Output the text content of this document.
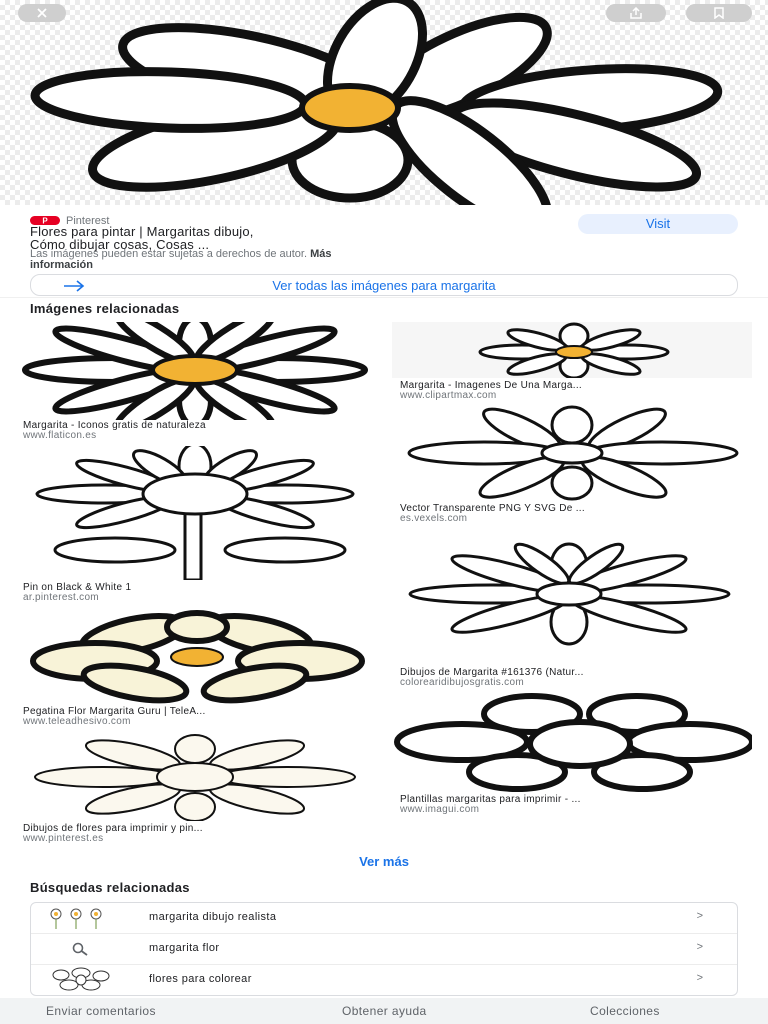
P Pinterest
Flores para pintar | Margaritas dibujo,
Cómo dibujar cosas, Cosas ...
Visit
Las imágenes pueden estar sujetas a derechos de autor. Más
información
Ver todas las imágenes para margarita
Imágenes relacionadas
Margarita - Iconos gratis de naturaleza
www.flaticon.es
Pin on Black & White 1
ar.pinterest.com
Pegatina Flor Margarita Guru | TeleA...
www.teleadhesivo.com
Dibujos de flores para imprimir y pin...
www.pinterest.es
Margarita - Imagenes De Una Marga...
www.clipartmax.com
Vector Transparente PNG Y SVG De ...
es.vexels.com
Dibujos de Margarita #161376 (Natur...
colorearidibujosgratis.com
Plantillas margaritas para imprimir - ...
www.imagui.com
Ver más
Búsquedas relacionadas
margarita dibujo realista	>
margarita flor	>
flores para colorear	>
Enviar comentarios	Obtener ayuda	Colecciones
